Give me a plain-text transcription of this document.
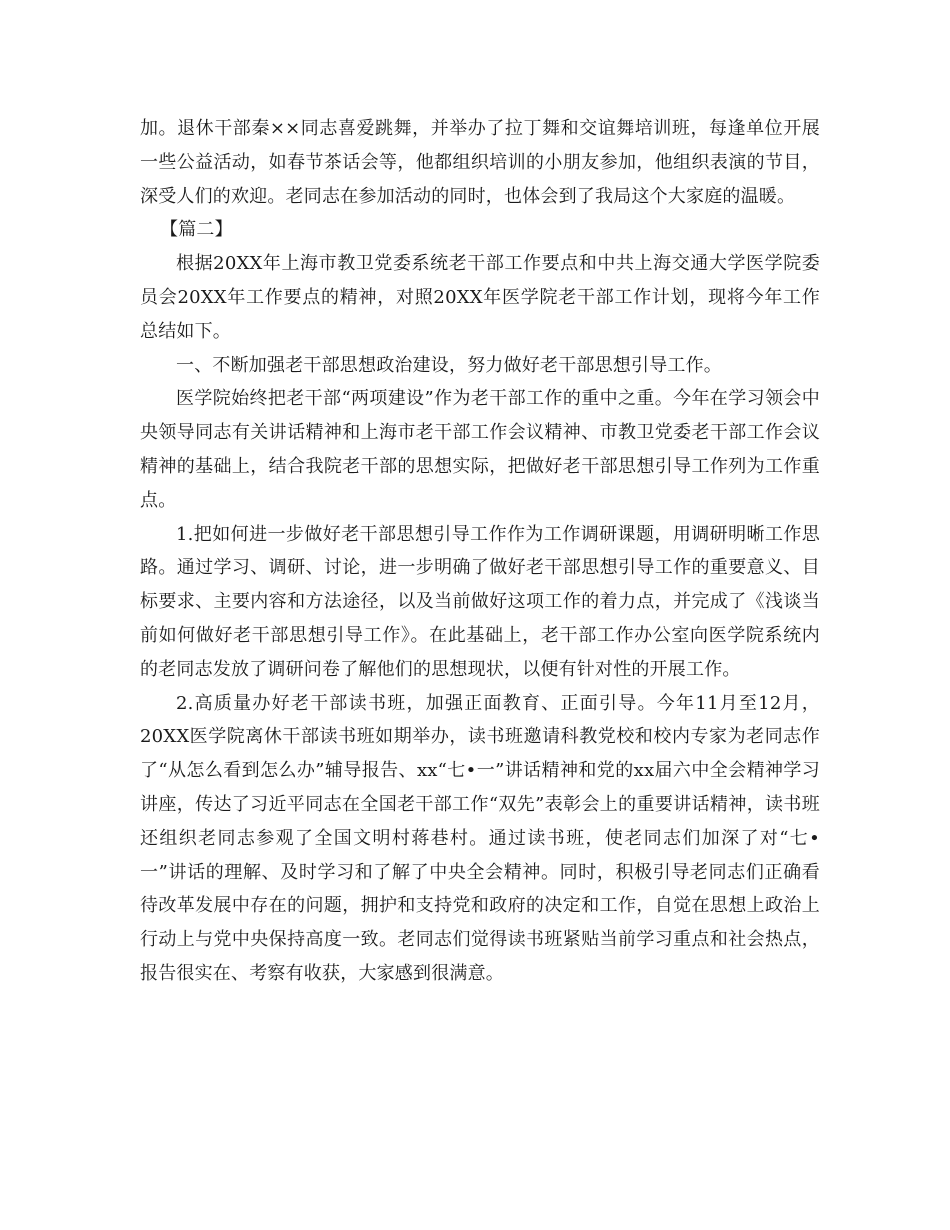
加。退休干部秦××同志喜爱跳舞，并举办了拉丁舞和交谊舞培训班，每逢单位开展一些公益活动，如春节茶话会等，他都组织培训的小朋友参加，他组织表演的节目，深受人们的欢迎。老同志在参加活动的同时，也体会到了我局这个大家庭的温暖。

【篇二】

根据20XX年上海市教卫党委系统老干部工作要点和中共上海交通大学医学院委员会20XX年工作要点的精神，对照20XX年医学院老干部工作计划，现将今年工作总结如下。

一、不断加强老干部思想政治建设，努力做好老干部思想引导工作。

医学院始终把老干部“两项建设”作为老干部工作的重中之重。今年在学习领会中央领导同志有关讲话精神和上海市老干部工作会议精神、市教卫党委老干部工作会议精神的基础上，结合我院老干部的思想实际，把做好老干部思想引导工作列为工作重点。

1.把如何进一步做好老干部思想引导工作作为工作调研课题，用调研明晰工作思路。通过学习、调研、讨论，进一步明确了做好老干部思想引导工作的重要意义、目标要求、主要内容和方法途径，以及当前做好这项工作的着力点，并完成了《浅谈当前如何做好老干部思想引导工作》。在此基础上，老干部工作办公室向医学院系统内的老同志发放了调研问卷了解他们的思想现状，以便有针对性的开展工作。

2.高质量办好老干部读书班，加强正面教育、正面引导。今年11月至12月，20XX医学院离休干部读书班如期举办，读书班邀请科教党校和校内专家为老同志作了“从怎么看到怎么办”辅导报告、xx“七•一”讲话精神和党的xx届六中全会精神学习讲座，传达了习近平同志在全国老干部工作“双先”表彰会上的重要讲话精神，读书班还组织老同志参观了全国文明村蒋巷村。通过读书班，使老同志们加深了对“七•一”讲话的理解、及时学习和了解了中央全会精神。同时，积极引导老同志们正确看待改革发展中存在的问题，拥护和支持党和政府的决定和工作，自觉在思想上政治上行动上与党中央保持高度一致。老同志们觉得读书班紧贴当前学习重点和社会热点，报告很实在、考察有收获，大家感到很满意。
